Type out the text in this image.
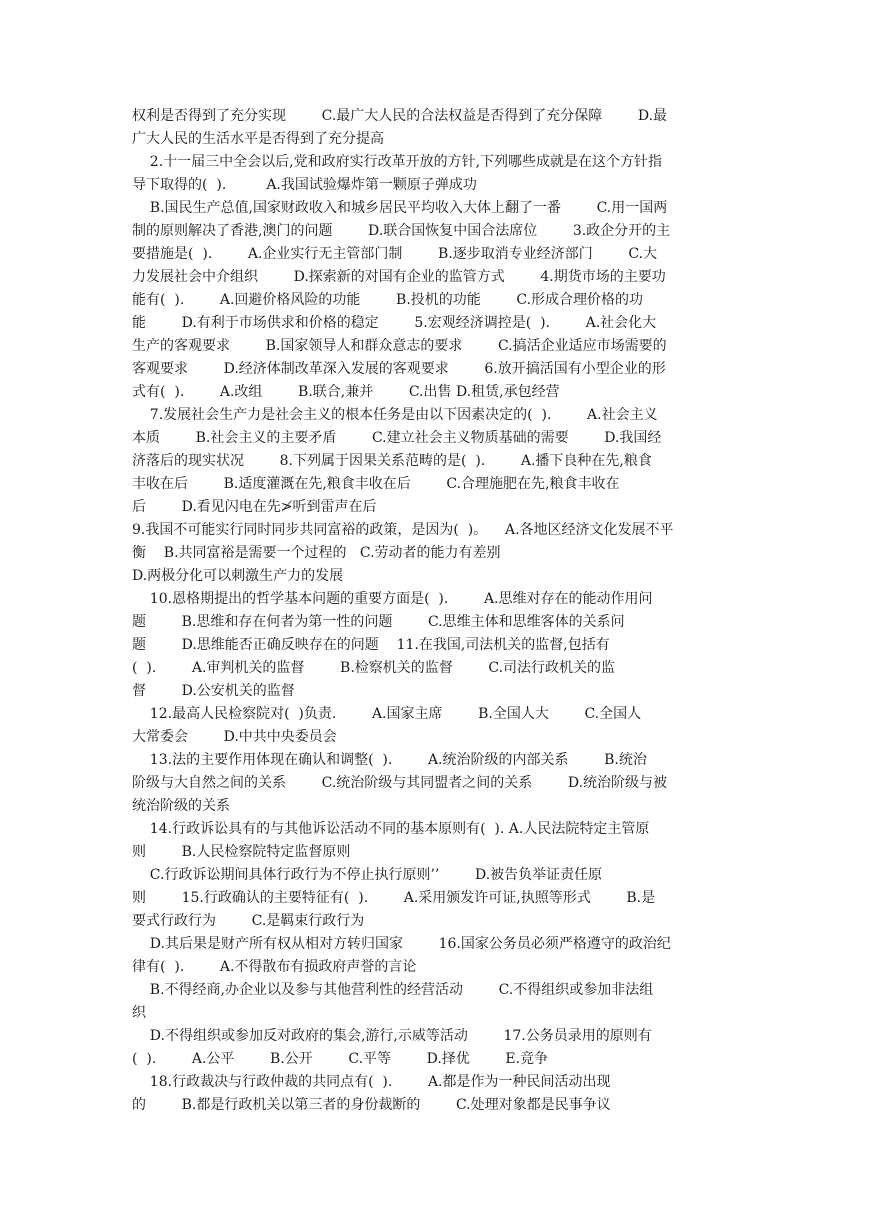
权利是否得到了充分实现        C.最广大人民的合法权益是否得到了充分保障        D.最
广大人民的生活水平是否得到了充分提高
2.十一届三中全会以后,党和政府实行改革开放的方针,下列哪些成就是在这个方针指
导下取得的(  ).         A.我国试验爆炸第一颗原子弹成功
B.国民生产总值,国家财政收入和城乡居民平均收入大体上翻了一番        C.用一国两
制的原则解决了香港,澳门的问题        D.联合国恢复中国合法席位        3.政企分开的主
要措施是(  ).        A.企业实行无主管部门制        B.逐步取消专业经济部门        C.大
力发展社会中介组织        D.探索新的对国有企业的监管方式        4.期货市场的主要功
能有(  ).        A.回避价格风险的功能        B.投机的功能        C.形成合理价格的功
能        D.有利于市场供求和价格的稳定        5.宏观经济调控是(  ).        A.社会化大
生产的客观要求        B.国家领导人和群众意志的要求        C.搞活企业适应市场需要的
客观要求        D.经济体制改革深入发展的客观要求        6.放开搞活国有小型企业的形
式有(  ).        A.改组        B.联合,兼并        C.出售 D.租赁,承包经营
7.发展社会生产力是社会主义的根本任务是由以下因素决定的(  ).        A.社会主义
本质        B.社会主义的主要矛盾        C.建立社会主义物质基础的需要        D.我国经
济落后的现实状况        8.下列属于因果关系范畴的是(  ).        A.播下良种在先,粮食
丰收在后        B.适度灌溉在先,粮食丰收在后        C.合理施肥在先,粮食丰收在
后        D.看见闪电在先≯听到雷声在后
9.我国不可能实行同时同步共同富裕的政策，是因为(  )。    A.各地区经济文化发展不平
衡    B.共同富裕是需要一个过程的   C.劳动者的能力有差别
D.两极分化可以刺激生产力的发展
10.恩格期提出的哲学基本问题的重要方面是(  ).        A.思维对存在的能动作用问
题        B.思维和存在何者为第一性的问题        C.思维主体和思维客体的关系问
题        D.思维能否正确反映存在的问题    11.在我国,司法机关的监督,包括有
(  ).        A.审判机关的监督        B.检察机关的监督        C.司法行政机关的监
督        D.公安机关的监督
12.最高人民检察院对(  )负责.        A.国家主席        B.全国人大        C.全国人
大常委会        D.中共中央委员会
13.法的主要作用体现在确认和调整(  ).        A.统治阶级的内部关系        B.统治
阶级与大自然之间的关系        C.统治阶级与其同盟者之间的关系        D.统治阶级与被
统治阶级的关系
14.行政诉讼具有的与其他诉讼活动不同的基本原则有(  ). A.人民法院特定主管原
则        B.人民检察院特定监督原则
C.行政诉讼期间具体行政行为不停止执行原则’’        D.被告负举证责任原
则        15.行政确认的主要特征有(  ).        A.采用颁发许可证,执照等形式        B.是
要式行政行为        C.是羁束行政行为
D.其后果是财产所有权从相对方转归国家        16.国家公务员必须严格遵守的政治纪
律有(  ).        A.不得散布有损政府声誉的言论
B.不得经商,办企业以及参与其他营利性的经营活动        C.不得组织或参加非法组
织
D.不得组织或参加反对政府的集会,游行,示威等活动        17.公务员录用的原则有
(  ).        A.公平        B.公开        C.平等        D.择优        E.竞争
18.行政裁决与行政仲裁的共同点有(  ).        A.都是作为一种民间活动出现
的        B.都是行政机关以第三者的身份裁断的        C.处理对象都是民事争议
